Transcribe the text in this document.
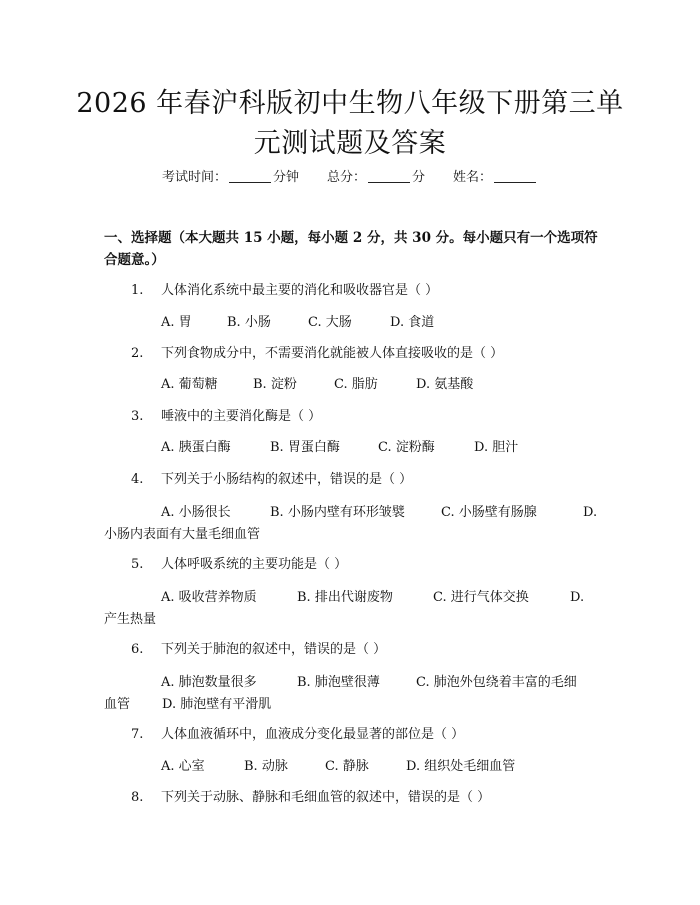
2026 年春沪科版初中生物八年级下册第三单
元测试题及答案
考试时间：	分钟 总分：	分 姓名：
一、选择题（本大题共 15 小题，每小题 2 分，共 30 分。每小题只有一个选项符
合题意。）
1. 人体消化系统中最主要的消化和吸收器官是（ ）
A. 胃	B. 小肠	C. 大肠	D. 食道
2. 下列食物成分中，不需要消化就能被人体直接吸收的是（ ）
A. 葡萄糖	B. 淀粉	C. 脂肪	D. 氨基酸
3. 唾液中的主要消化酶是（ ）
A. 胰蛋白酶	B. 胃蛋白酶	C. 淀粉酶	D. 胆汁
4. 下列关于小肠结构的叙述中，错误的是（ ）
A. 小肠很长	B. 小肠内壁有环形皱襞	C. 小肠壁有肠腺	D.
小肠内表面有大量毛细血管
5. 人体呼吸系统的主要功能是（ ）
A. 吸收营养物质	B. 排出代谢废物	C. 进行气体交换	D.
产生热量
6. 下列关于肺泡的叙述中，错误的是（ ）
A. 肺泡数量很多	B. 肺泡壁很薄	C. 肺泡外包绕着丰富的毛细
血管 D. 肺泡壁有平滑肌
7. 人体血液循环中，血液成分变化最显著的部位是（ ）
A. 心室	B. 动脉	C. 静脉	D. 组织处毛细血管
8. 下列关于动脉、静脉和毛细血管的叙述中，错误的是（ ）
